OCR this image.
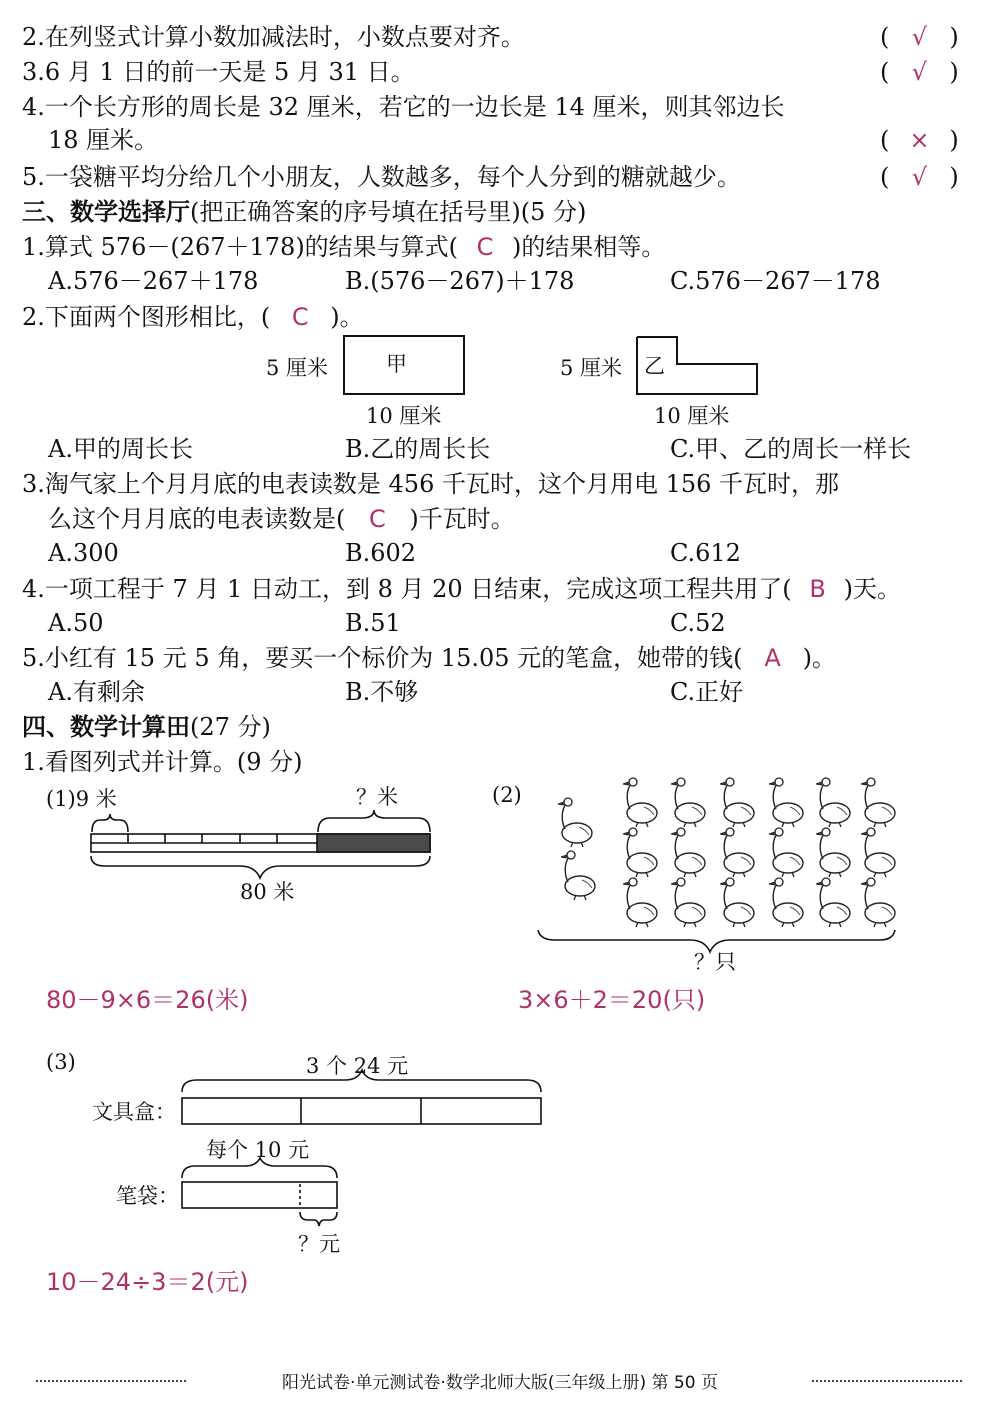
2.在列竖式计算小数加减法时，小数点要对齐。	( √ )
3.6 月 1 日的前一天是 5 月 31 日。	( √ )
4.一个长方形的周长是 32 厘米，若它的一边长是 14 厘米，则其邻边长
18 厘米。	( × )
5.一袋糖平均分给几个小朋友，人数越多，每个人分到的糖就越少。	( √ )
三、数学选择厅(把正确答案的序号填在括号里)(5 分)
1.算式 576－(267＋178)的结果与算式( C )的结果相等。
A.576－267＋178	B.(576－267)＋178	C.576－267－178
2.下面两个图形相比，( C )。
5 厘米	甲
10 厘米
5 厘米 乙
10 厘米
A.甲的周长长	B.乙的周长长	C.甲、乙的周长一样长
3.淘气家上个月月底的电表读数是 456 千瓦时，这个月用电 156 千瓦时，那
么这个月月底的电表读数是( C )千瓦时。
A.300	B.602	C.612
4.一项工程于 7 月 1 日动工，到 8 月 20 日结束，完成这项工程共用了( B )天。
A.50	B.51	C.52
5.小红有 15 元 5 角，要买一个标价为 15.05 元的笔盒，她带的钱( A )。
A.有剩余	B.不够	C.正好
四、数学计算田(27 分)
1.看图列式并计算。(9 分)
(1)9 米	？米
80 米
80－9×6＝26(米)
(2)
？只
3×6＋2＝20(只)
(3)	3 个 24 元
文具盒：
每个 10 元
笔袋：
？元
10－24÷3＝2(元)
阳光试卷·单元测试卷·数学北师大版(三年级上册) 第 50 页
